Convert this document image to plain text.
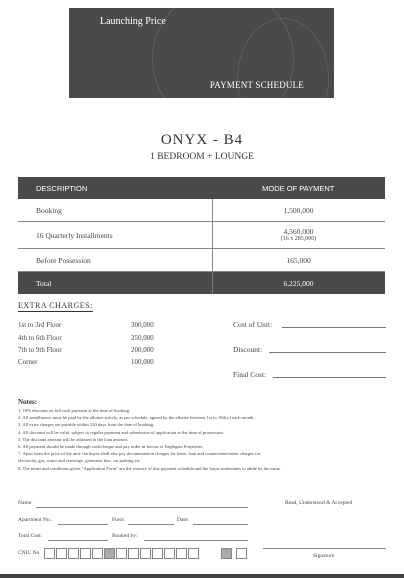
Launching Price
PAYMENT SCHEDULE
ONYX - B4
1 BEDROOM + LOUNGE
DESCRIPTION	MODE OF PAYMENT
Booking	1,500,000
16 Quarterly Installments	4,560,000
(16 x 285,000)

Before Possession	165,000
Total	6,225,000
EXTRA CHARGES:
1st to 3rd Floor	300,000
4th to 6th Floor	250,000
7th to 9th Floor	200,000
Corner	100,000
Cost of Unit:
Discount:
Final Cost:
Notes:
1. 10% discount on full cash payment at the time of booking.
2. All installments must be paid by the allottee strictly, as per schedule, agreed by the allottee between 1st to 10th of each month.
3. All extra charges are payable within 120 days from the date of booking.
4. All discount will be valid, subject to regular payment and submission of application at the time of possession.
5. The discount amount will be adjusted in the loan amount.
6. All payment should be made through cash/cheque and pay order in favour of Eaglegate Properties.
7. Apart from the price of the unit, the buyer shall also pay documentation charges for lease, loan and connections/meter charges for
electricity, gas, water and sewerage, generator kits, car parking etc.
8. The terms and conditions given "Application Form" are the essence of this payment schedule and the buyer undertakes to abide by the same.
Name:	Read, Understood & Accepted
Apartment No.:	Floor:	Date:
Total Cost:	Booked by:
CNIC No.	Signature
